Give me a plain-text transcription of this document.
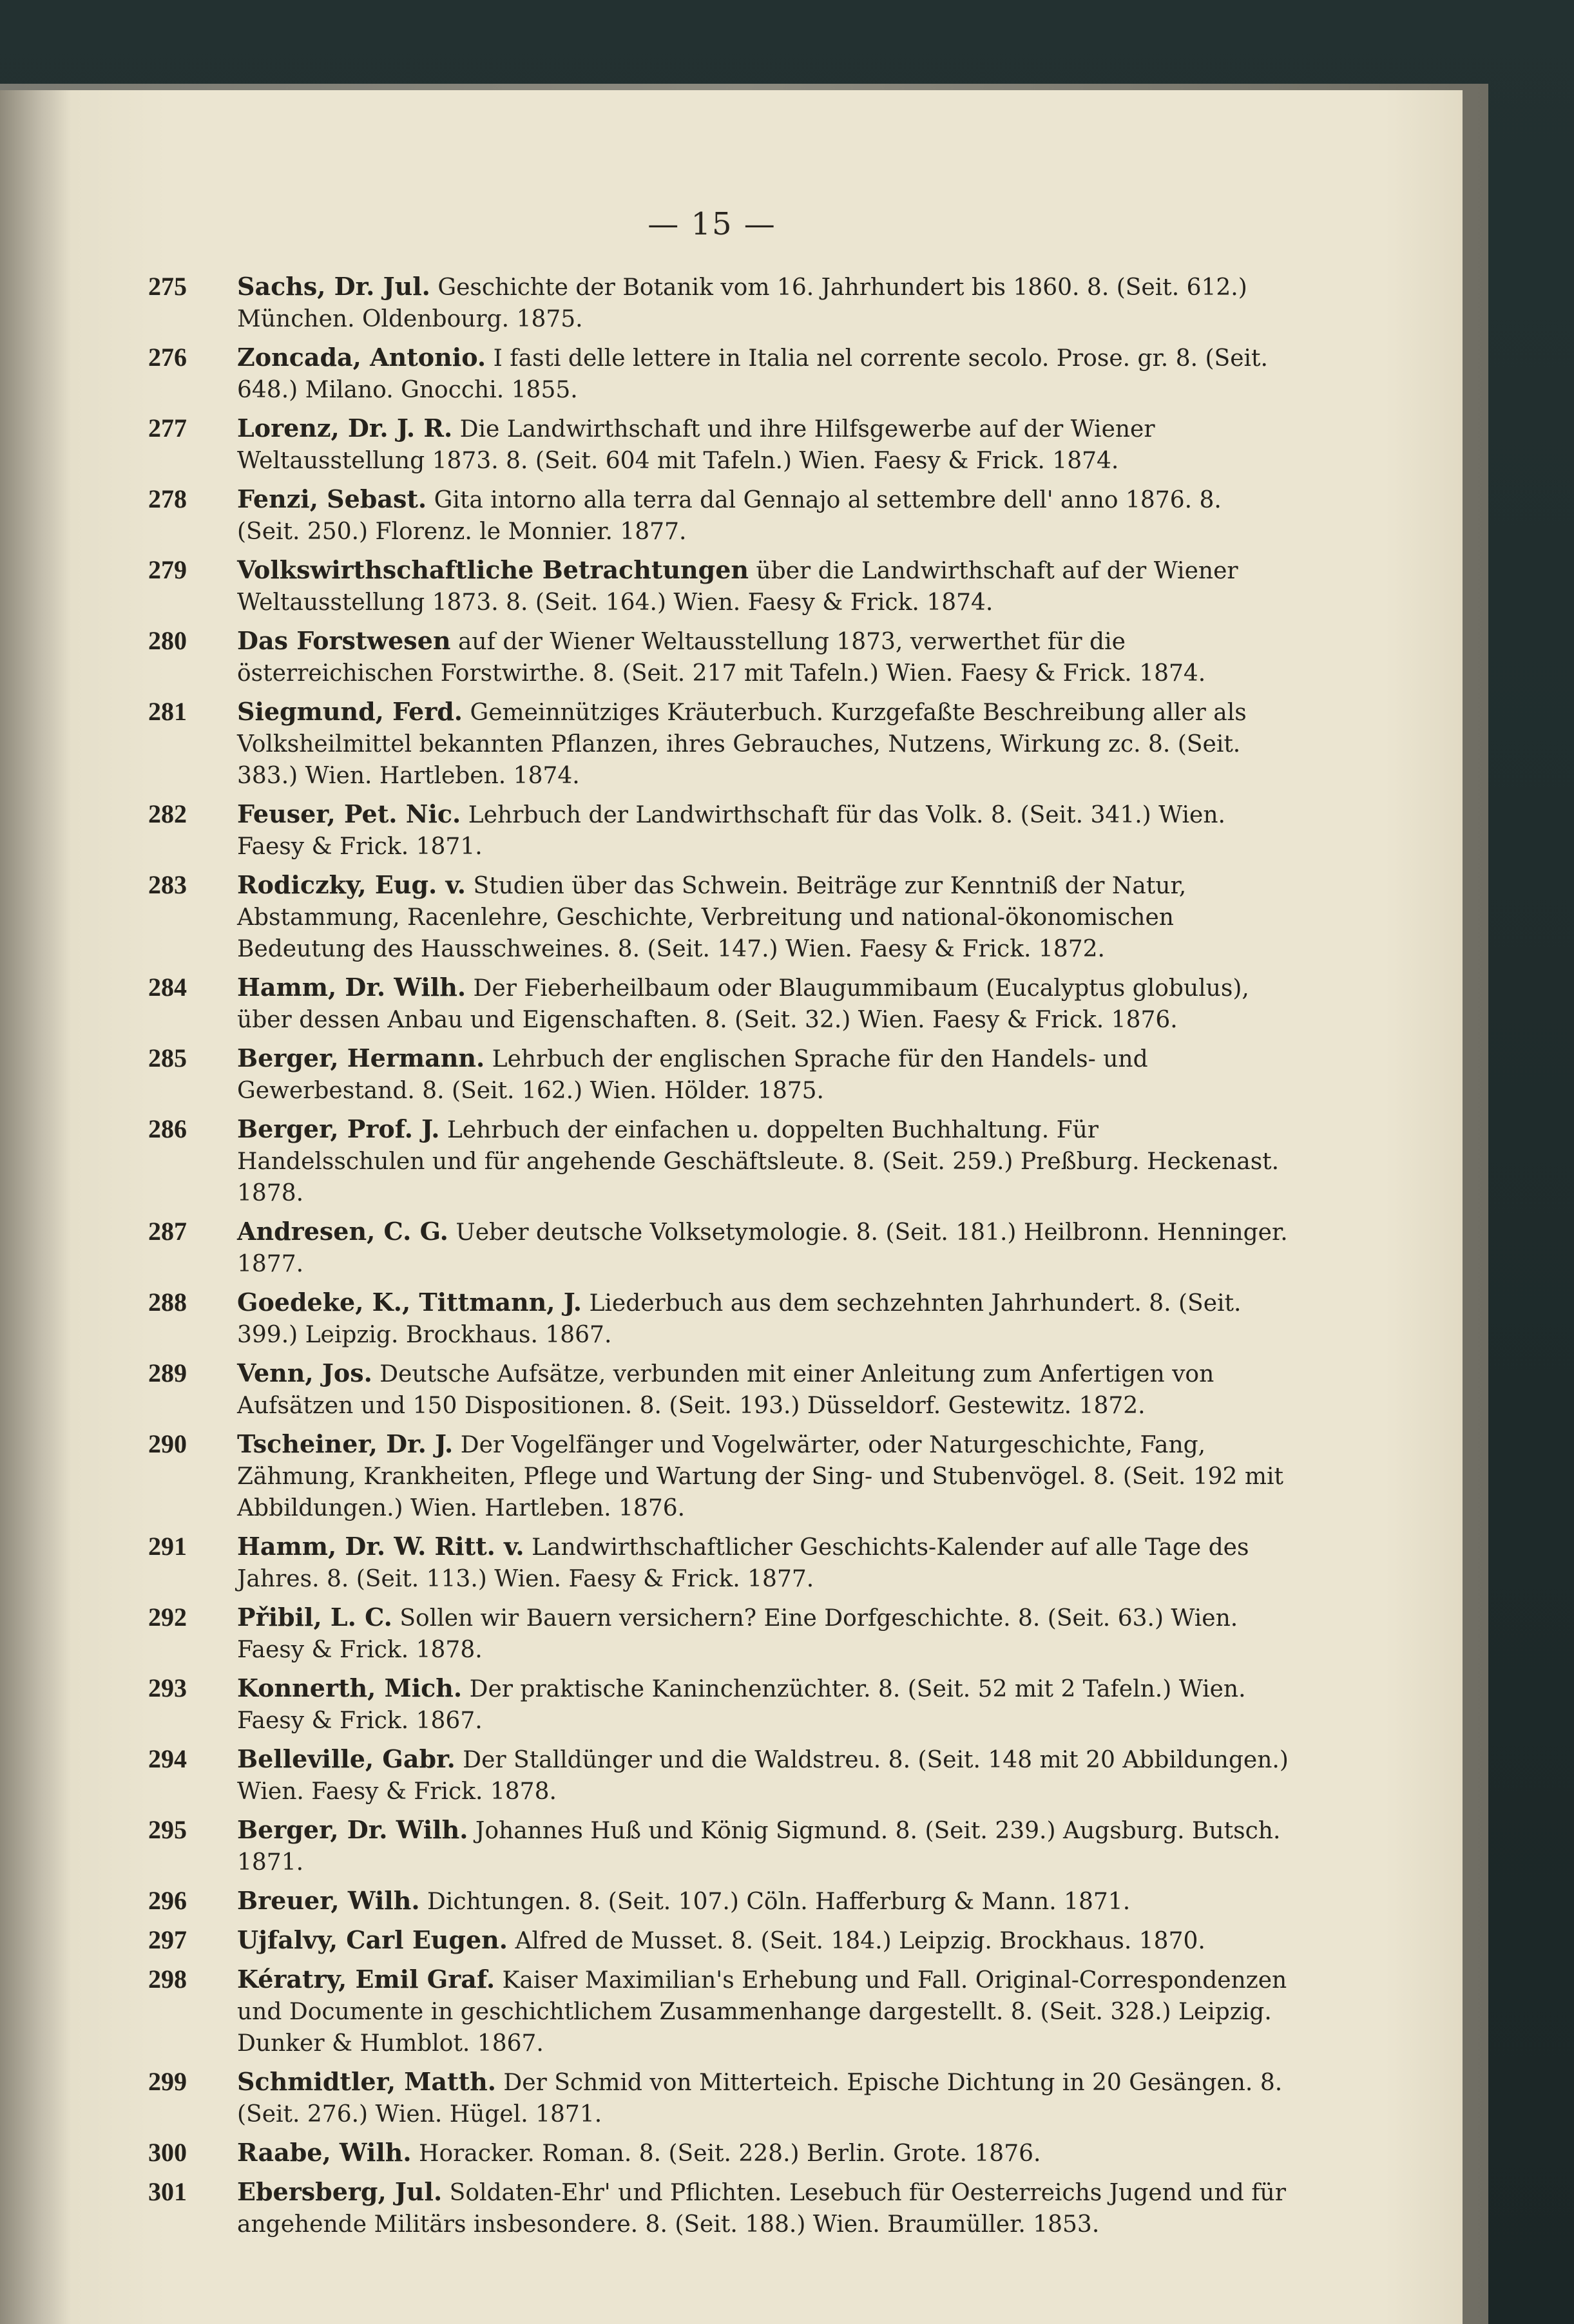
— 15 —
275	Sachs, Dr. Jul. Geschichte der Botanik vom 16. Jahrhundert bis 1860. 8. (Seit. 612.) München. Oldenbourg. 1875.
276	Zoncada, Antonio. I fasti delle lettere in Italia nel corrente secolo. Prose. gr. 8. (Seit. 648.) Milano. Gnocchi. 1855.
277	Lorenz, Dr. J. R. Die Landwirthschaft und ihre Hilfsgewerbe auf der Wiener Weltausstellung 1873. 8. (Seit. 604 mit Tafeln.) Wien. Faesy & Frick. 1874.
278	Fenzi, Sebast. Gita intorno alla terra dal Gennajo al settembre dell' anno 1876. 8. (Seit. 250.) Florenz. le Monnier. 1877.
279	Volkswirthschaftliche Betrachtungen über die Landwirthschaft auf der Wiener Weltausstellung 1873. 8. (Seit. 164.) Wien. Faesy & Frick. 1874.
280	Das Forstwesen auf der Wiener Weltausstellung 1873, verwerthet für die österreichischen Forstwirthe. 8. (Seit. 217 mit Tafeln.) Wien. Faesy & Frick. 1874.
281	Siegmund, Ferd. Gemeinnütziges Kräuterbuch. Kurzgefaßte Beschreibung aller als Volksheilmittel bekannten Pflanzen, ihres Gebrauches, Nutzens, Wirkung zc. 8. (Seit. 383.) Wien. Hartleben. 1874.
282	Feuser, Pet. Nic. Lehrbuch der Landwirthschaft für das Volk. 8. (Seit. 341.) Wien. Faesy & Frick. 1871.
283	Rodiczky, Eug. v. Studien über das Schwein. Beiträge zur Kenntniß der Natur, Abstammung, Racenlehre, Geschichte, Verbreitung und national-ökonomischen Bedeutung des Hausschweines. 8. (Seit. 147.) Wien. Faesy & Frick. 1872.
284	Hamm, Dr. Wilh. Der Fieberheilbaum oder Blaugummibaum (Eucalyptus globulus), über dessen Anbau und Eigenschaften. 8. (Seit. 32.) Wien. Faesy & Frick. 1876.
285	Berger, Hermann. Lehrbuch der englischen Sprache für den Handels- und Gewerbestand. 8. (Seit. 162.) Wien. Hölder. 1875.
286	Berger, Prof. J. Lehrbuch der einfachen u. doppelten Buchhaltung. Für Handelsschulen und für angehende Geschäftsleute. 8. (Seit. 259.) Preßburg. Heckenast. 1878.
287	Andresen, C. G. Ueber deutsche Volksetymologie. 8. (Seit. 181.) Heilbronn. Henninger. 1877.
288	Goedeke, K., Tittmann, J. Liederbuch aus dem sechzehnten Jahrhundert. 8. (Seit. 399.) Leipzig. Brockhaus. 1867.
289	Venn, Jos. Deutsche Aufsätze, verbunden mit einer Anleitung zum Anfertigen von Aufsätzen und 150 Dispositionen. 8. (Seit. 193.) Düsseldorf. Gestewitz. 1872.
290	Tscheiner, Dr. J. Der Vogelfänger und Vogelwärter, oder Naturgeschichte, Fang, Zähmung, Krankheiten, Pflege und Wartung der Sing- und Stubenvögel. 8. (Seit. 192 mit Abbildungen.) Wien. Hartleben. 1876.
291	Hamm, Dr. W. Ritt. v. Landwirthschaftlicher Geschichts-Kalender auf alle Tage des Jahres. 8. (Seit. 113.) Wien. Faesy & Frick. 1877.
292	Přibil, L. C. Sollen wir Bauern versichern? Eine Dorfgeschichte. 8. (Seit. 63.) Wien. Faesy & Frick. 1878.
293	Konnerth, Mich. Der praktische Kaninchenzüchter. 8. (Seit. 52 mit 2 Tafeln.) Wien. Faesy & Frick. 1867.
294	Belleville, Gabr. Der Stalldünger und die Waldstreu. 8. (Seit. 148 mit 20 Abbildungen.) Wien. Faesy & Frick. 1878.
295	Berger, Dr. Wilh. Johannes Huß und König Sigmund. 8. (Seit. 239.) Augsburg. Butsch. 1871.
296	Breuer, Wilh. Dichtungen. 8. (Seit. 107.) Cöln. Hafferburg & Mann. 1871.
297	Ujfalvy, Carl Eugen. Alfred de Musset. 8. (Seit. 184.) Leipzig. Brockhaus. 1870.
298	Kératry, Emil Graf. Kaiser Maximilian's Erhebung und Fall. Original-Correspondenzen und Documente in geschichtlichem Zusammenhange dargestellt. 8. (Seit. 328.) Leipzig. Dunker & Humblot. 1867.
299	Schmidtler, Matth. Der Schmid von Mitterteich. Epische Dichtung in 20 Gesängen. 8. (Seit. 276.) Wien. Hügel. 1871.
300	Raabe, Wilh. Horacker. Roman. 8. (Seit. 228.) Berlin. Grote. 1876.
301	Ebersberg, Jul. Soldaten-Ehr' und Pflichten. Lesebuch für Oesterreichs Jugend und für angehende Militärs insbesondere. 8. (Seit. 188.) Wien. Braumüller. 1853.
